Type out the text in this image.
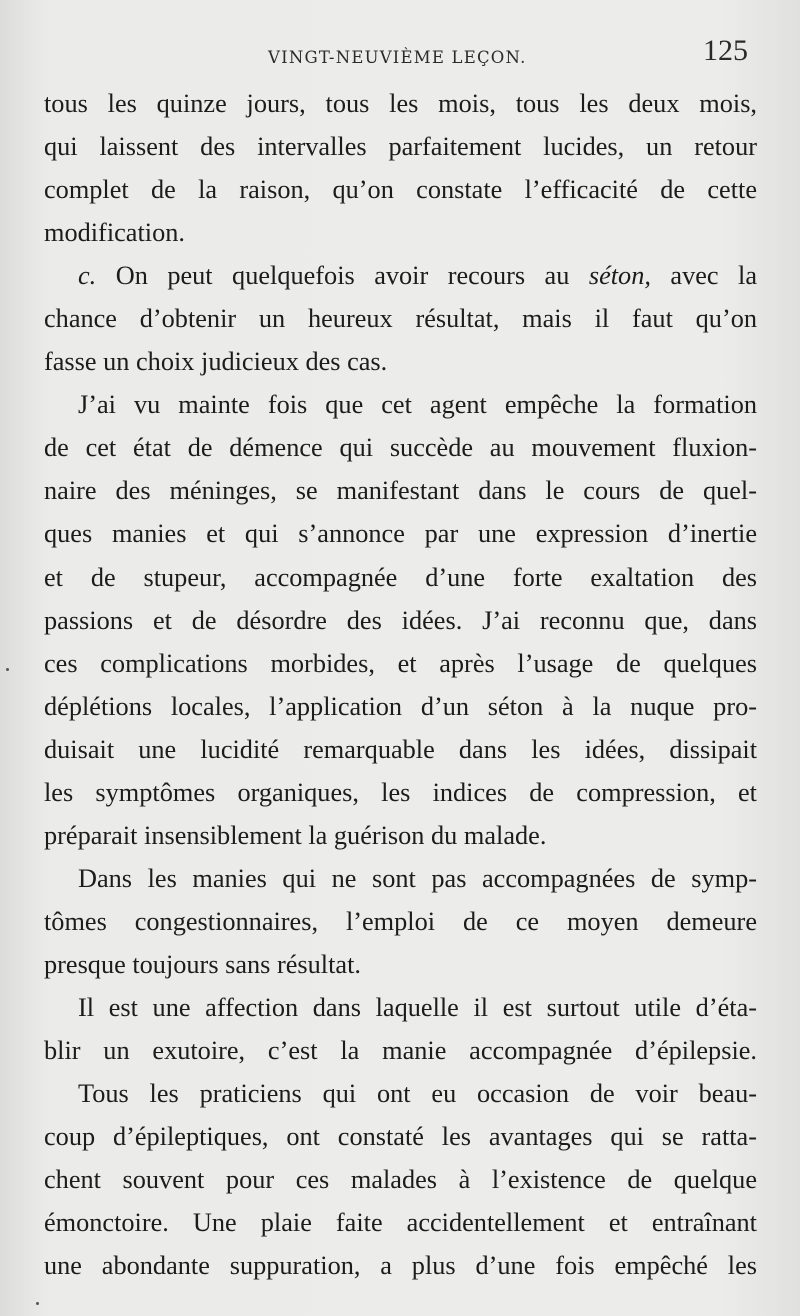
VINGT-NEUVIÈME LEÇON.	125
tous les quinze jours, tous les mois, tous les deux mois,
qui laissent des intervalles parfaitement lucides, un retour
complet de la raison, qu’on constate l’efficacité de cette
modification.
c. On peut quelquefois avoir recours au séton, avec la
chance d’obtenir un heureux résultat, mais il faut qu’on
fasse un choix judicieux des cas.
J’ai vu mainte fois que cet agent empêche la formation
de cet état de démence qui succède au mouvement fluxion-
naire des méninges, se manifestant dans le cours de quel-
ques manies et qui s’annonce par une expression d’inertie
et de stupeur, accompagnée d’une forte exaltation des
passions et de désordre des idées. J’ai reconnu que, dans
ces complications morbides, et après l’usage de quelques
déplétions locales, l’application d’un séton à la nuque pro-
duisait une lucidité remarquable dans les idées, dissipait
les symptômes organiques, les indices de compression, et
préparait insensiblement la guérison du malade.
Dans les manies qui ne sont pas accompagnées de symp-
tômes congestionnaires, l’emploi de ce moyen demeure
presque toujours sans résultat.
Il est une affection dans laquelle il est surtout utile d’éta-
blir un exutoire, c’est la manie accompagnée d’épilepsie.
Tous les praticiens qui ont eu occasion de voir beau-
coup d’épileptiques, ont constaté les avantages qui se ratta-
chent souvent pour ces malades à l’existence de quelque
émonctoire. Une plaie faite accidentellement et entraînant
une abondante suppuration, a plus d’une fois empêché les
